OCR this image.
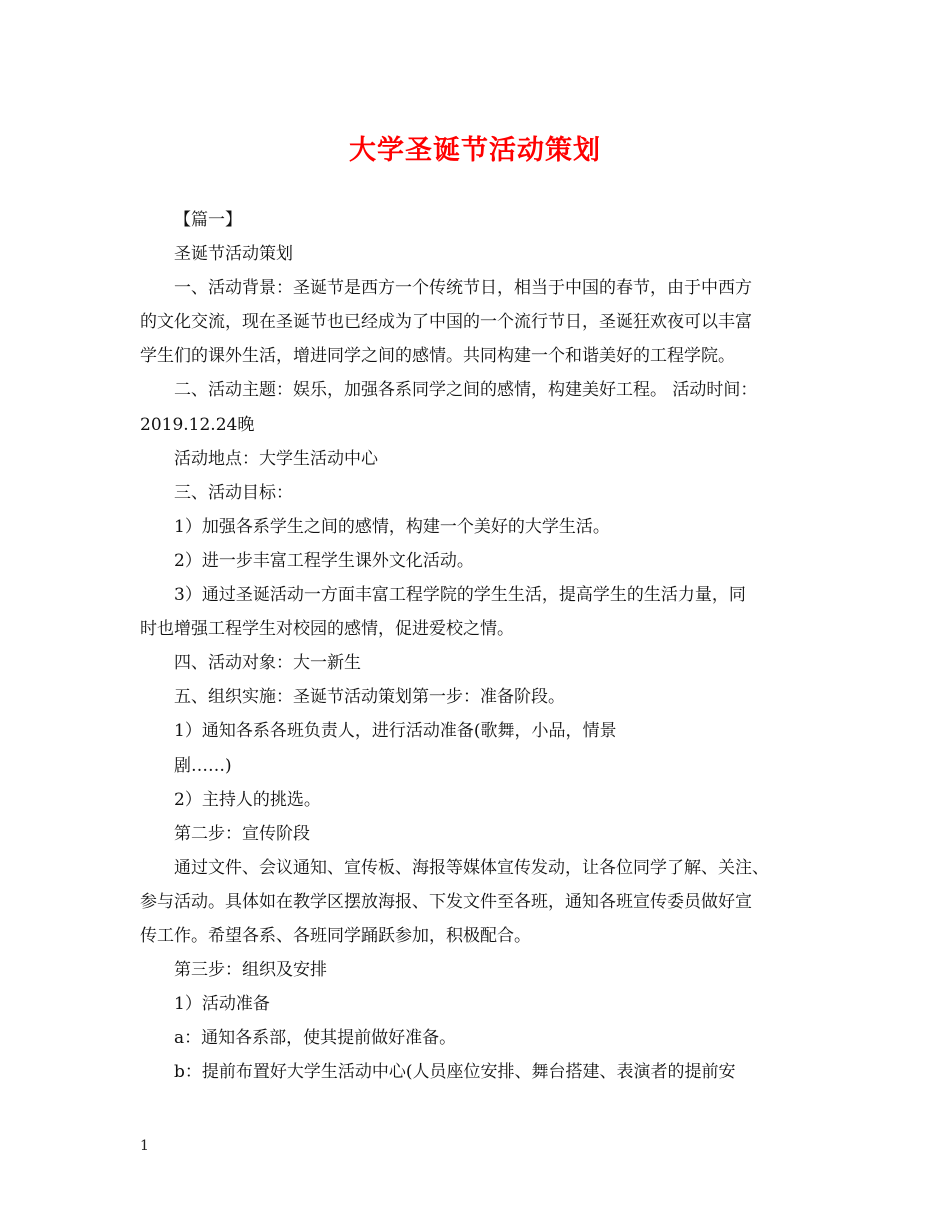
大学圣诞节活动策划

【篇一】

圣诞节活动策划

一、活动背景：圣诞节是西方一个传统节日，相当于中国的春节，由于中西方

的文化交流，现在圣诞节也已经成为了中国的一个流行节日，圣诞狂欢夜可以丰富

学生们的课外生活，增进同学之间的感情。共同构建一个和谐美好的工程学院。

二、活动主题：娱乐，加强各系同学之间的感情，构建美好工程。 活动时间：

2019.12.24晚

活动地点：大学生活动中心

三、活动目标：

1）加强各系学生之间的感情，构建一个美好的大学生活。

2）进一步丰富工程学生课外文化活动。

3）通过圣诞活动一方面丰富工程学院的学生生活，提高学生的生活力量，同

时也增强工程学生对校园的感情，促进爱校之情。

四、活动对象：大一新生

五、组织实施：圣诞节活动策划第一步：准备阶段。

1）通知各系各班负责人，进行活动准备(歌舞，小品，情景

剧……)

2）主持人的挑选。

第二步：宣传阶段

通过文件、会议通知、宣传板、海报等媒体宣传发动，让各位同学了解、关注、

参与活动。具体如在教学区摆放海报、下发文件至各班，通知各班宣传委员做好宣

传工作。希望各系、各班同学踊跃参加，积极配合。

第三步：组织及安排

1）活动准备

a：通知各系部，使其提前做好准备。

b：提前布置好大学生活动中心(人员座位安排、舞台搭建、表演者的提前安

1
